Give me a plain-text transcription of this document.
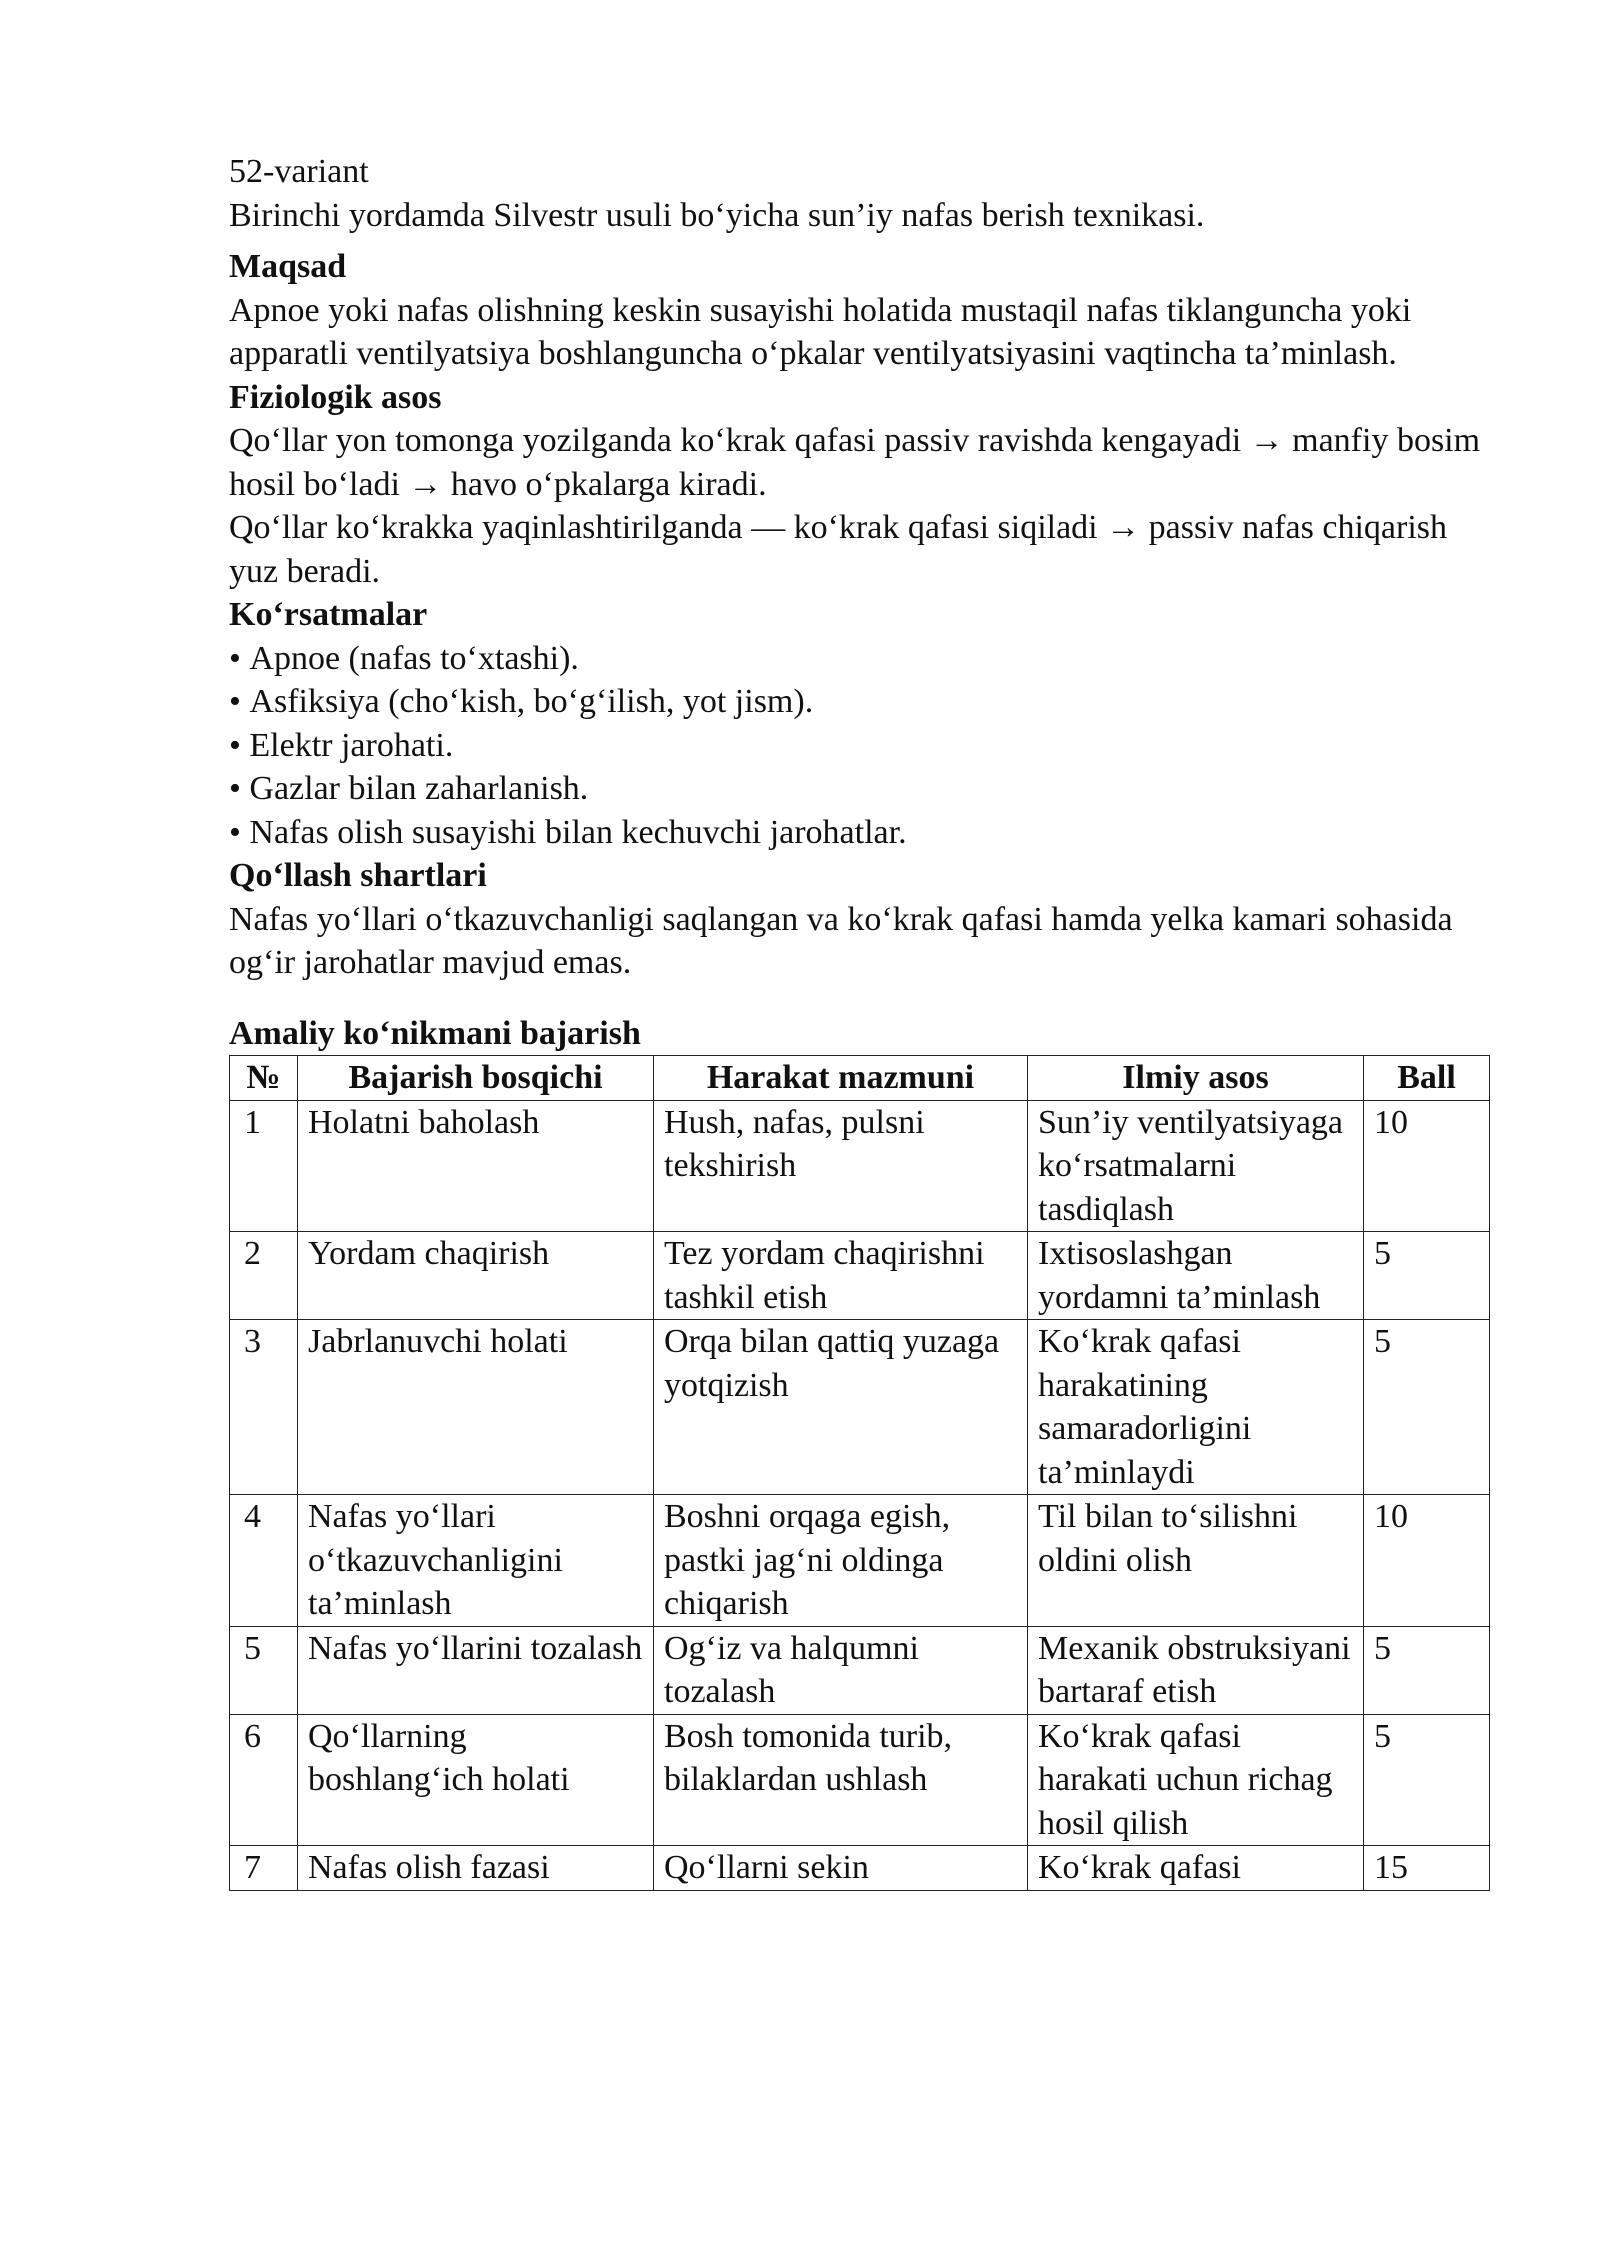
52-variant

Birinchi yordamda Silvestr usuli bo‘yicha sun’iy nafas berish texnikasi.

Maqsad

Apnoe yoki nafas olishning keskin susayishi holatida mustaqil nafas tiklanguncha yoki apparatli ventilyatsiya boshlanguncha o‘pkalar ventilyatsiyasini vaqtincha ta’minlash.

Fiziologik asos

Qo‘llar yon tomonga yozilganda ko‘krak qafasi passiv ravishda kengayadi → manfiy bosim hosil bo‘ladi → havo o‘pkalarga kiradi.

Qo‘llar ko‘krakka yaqinlashtirilganda — ko‘krak qafasi siqiladi → passiv nafas chiqarish yuz beradi.

Ko‘rsatmalar

• Apnoe (nafas to‘xtashi).
• Asfiksiya (cho‘kish, bo‘g‘ilish, yot jism).
• Elektr jarohati.
• Gazlar bilan zaharlanish.
• Nafas olish susayishi bilan kechuvchi jarohatlar.

Qo‘llash shartlari

Nafas yo‘llari o‘tkazuvchanligi saqlangan va ko‘krak qafasi hamda yelka kamari sohasida og‘ir jarohatlar mavjud emas.

Amaliy ko‘nikmani bajarish

№	Bajarish bosqichi	Harakat mazmuni	Ilmiy asos	Ball
1	Holatni baholash	Hush, nafas, pulsni tekshirish	Sun’iy ventilyatsiyaga ko‘rsatmalarni tasdiqlash	10
2	Yordam chaqirish	Tez yordam chaqirishni tashkil etish	Ixtisoslashgan yordamni ta’minlash	5
3	Jabrlanuvchi holati	Orqa bilan qattiq yuzaga yotqizish	Ko‘krak qafasi harakatining samaradorligini ta’minlaydi	5
4	Nafas yo‘llari o‘tkazuvchanligini ta’minlash	Boshni orqaga egish, pastki jag‘ni oldinga chiqarish	Til bilan to‘silishni oldini olish	10
5	Nafas yo‘llarini tozalash	Og‘iz va halqumni tozalash	Mexanik obstruksiyani bartaraf etish	5
6	Qo‘llarning boshlang‘ich holati	Bosh tomonida turib, bilaklardan ushlash	Ko‘krak qafasi harakati uchun richag hosil qilish	5
7	Nafas olish fazasi	Qo‘llarni sekin	Ko‘krak qafasi	15
